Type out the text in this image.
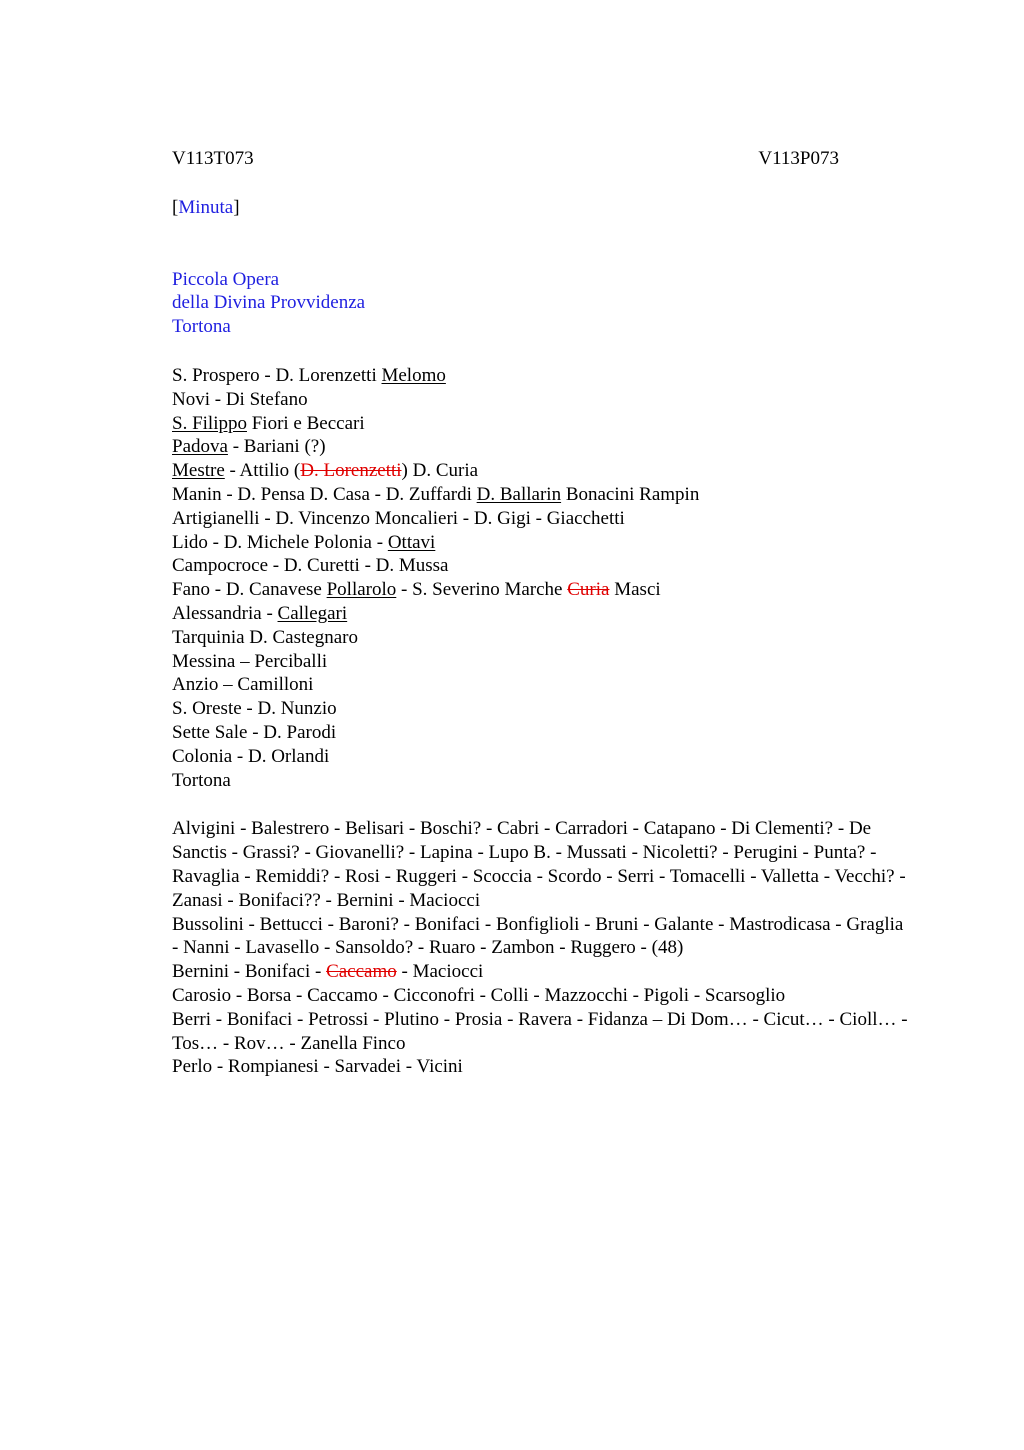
V113T073	V113P073
[Minuta]
Piccola Opera
della Divina Provvidenza
Tortona
S. Prospero - D. Lorenzetti Melomo
Novi - Di Stefano
S. Filippo Fiori e Beccari
Padova - Bariani (?)
Mestre - Attilio (D. Lorenzetti) D. Curia
Manin - D. Pensa D. Casa - D. Zuffardi D. Ballarin Bonacini Rampin
Artigianelli - D. Vincenzo Moncalieri - D. Gigi - Giacchetti
Lido - D. Michele Polonia - Ottavi
Campocroce - D. Curetti - D. Mussa
Fano - D. Canavese Pollarolo - S. Severino Marche Curia Masci
Alessandria - Callegari
Tarquinia D. Castegnaro
Messina – Perciballi
Anzio – Camilloni
S. Oreste - D. Nunzio
Sette Sale - D. Parodi
Colonia - D. Orlandi
Tortona
Alvigini - Balestrero - Belisari - Boschi? - Cabri - Carradori - Catapano - Di Clementi? - De Sanctis - Grassi? - Giovanelli? - Lapina - Lupo B. - Mussati - Nicoletti? - Perugini - Punta? - Ravaglia - Remiddi? - Rosi - Ruggeri - Scoccia - Scordo - Serri - Tomacelli - Valletta - Vecchi? - Zanasi - Bonifaci?? - Bernini - Maciocci
Bussolini - Bettucci - Baroni? - Bonifaci - Bonfiglioli - Bruni - Galante - Mastrodicasa - Graglia - Nanni - Lavasello - Sansoldo? - Ruaro - Zambon - Ruggero - (48)
Bernini - Bonifaci - Caccamo - Maciocci
Carosio - Borsa - Caccamo - Cicconofri - Colli - Mazzocchi - Pigoli - Scarsoglio
Berri - Bonifaci - Petrossi - Plutino - Prosia - Ravera - Fidanza – Di Dom… - Cicut… - Cioll… - Tos… - Rov… - Zanella Finco
Perlo - Rompianesi - Sarvadei - Vicini
